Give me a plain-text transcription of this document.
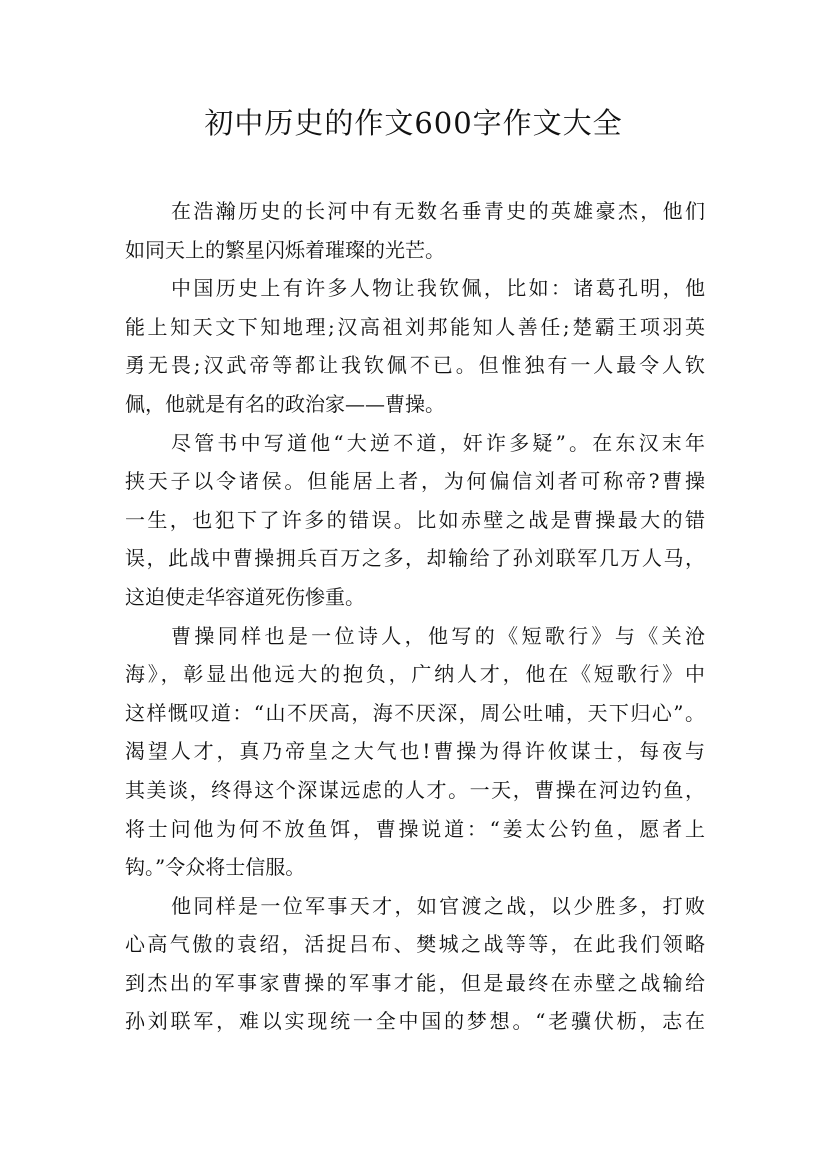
初中历史的作文600字作文大全
在浩瀚历史的长河中有无数名垂青史的英雄豪杰，他们
如同天上的繁星闪烁着璀璨的光芒。
中国历史上有许多人物让我钦佩，比如：诸葛孔明，他
能上知天文下知地理;汉高祖刘邦能知人善任;楚霸王项羽英
勇无畏;汉武帝等都让我钦佩不已。但惟独有一人最令人钦
佩，他就是有名的政治家——曹操。
尽管书中写道他“大逆不道，奸诈多疑”。在东汉末年
挟天子以令诸侯。但能居上者，为何偏信刘者可称帝?曹操
一生，也犯下了许多的错误。比如赤壁之战是曹操最大的错
误，此战中曹操拥兵百万之多，却输给了孙刘联军几万人马，
这迫使走华容道死伤惨重。
曹操同样也是一位诗人，他写的《短歌行》与《关沧
海》，彰显出他远大的抱负，广纳人才，他在《短歌行》中
这样慨叹道：“山不厌高，海不厌深，周公吐哺，天下归心”。
渴望人才，真乃帝皇之大气也!曹操为得许攸谋士，每夜与
其美谈，终得这个深谋远虑的人才。一天，曹操在河边钓鱼，
将士问他为何不放鱼饵，曹操说道：“姜太公钓鱼，愿者上
钩。”令众将士信服。
他同样是一位军事天才，如官渡之战，以少胜多，打败
心高气傲的袁绍，活捉吕布、樊城之战等等，在此我们领略
到杰出的军事家曹操的军事才能，但是最终在赤壁之战输给
孙刘联军，难以实现统一全中国的梦想。“老骥伏枥，志在
